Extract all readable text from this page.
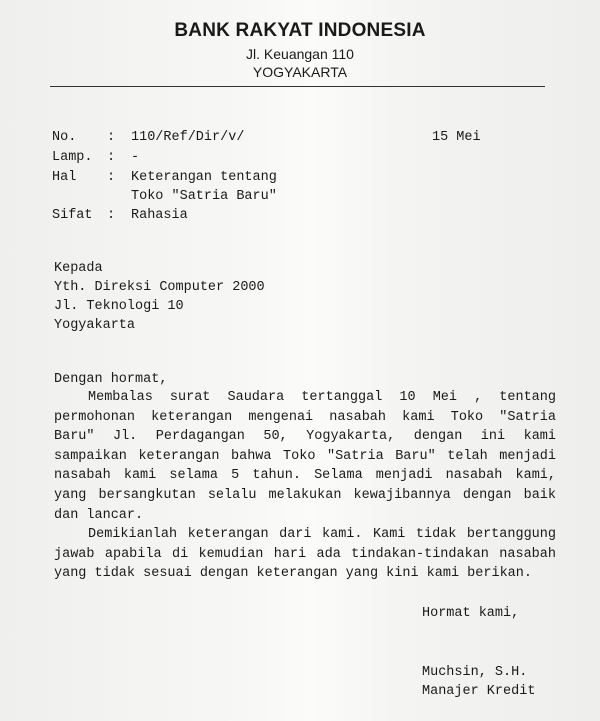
BANK RAKYAT INDONESIA
Jl. Keuangan 110
YOGYAKARTA
No. : 110/Ref/Dir/v/	15 Mei
Lamp. : -
Hal : Keterangan tentang
Toko "Satria Baru"
Sifat : Rahasia
Kepada
Yth. Direksi Computer 2000
Jl. Teknologi 10
Yogyakarta
Dengan hormat,

Membalas surat Saudara tertanggal 10 Mei , tentang permohonan keterangan mengenai nasabah kami Toko "Satria Baru" Jl. Perdagangan 50, Yogyakarta, dengan ini kami sampaikan keterangan bahwa Toko "Satria Baru" telah menjadi nasabah kami selama 5 tahun. Selama menjadi nasabah kami, yang bersangkutan selalu melakukan kewajibannya dengan baik dan lancar.

Demikianlah keterangan dari kami. Kami tidak bertanggung jawab apabila di kemudian hari ada tindakan-tindakan nasabah yang tidak sesuai dengan keterangan yang kini kami berikan.

Hormat kami,
Muchsin, S.H.
Manajer Kredit
